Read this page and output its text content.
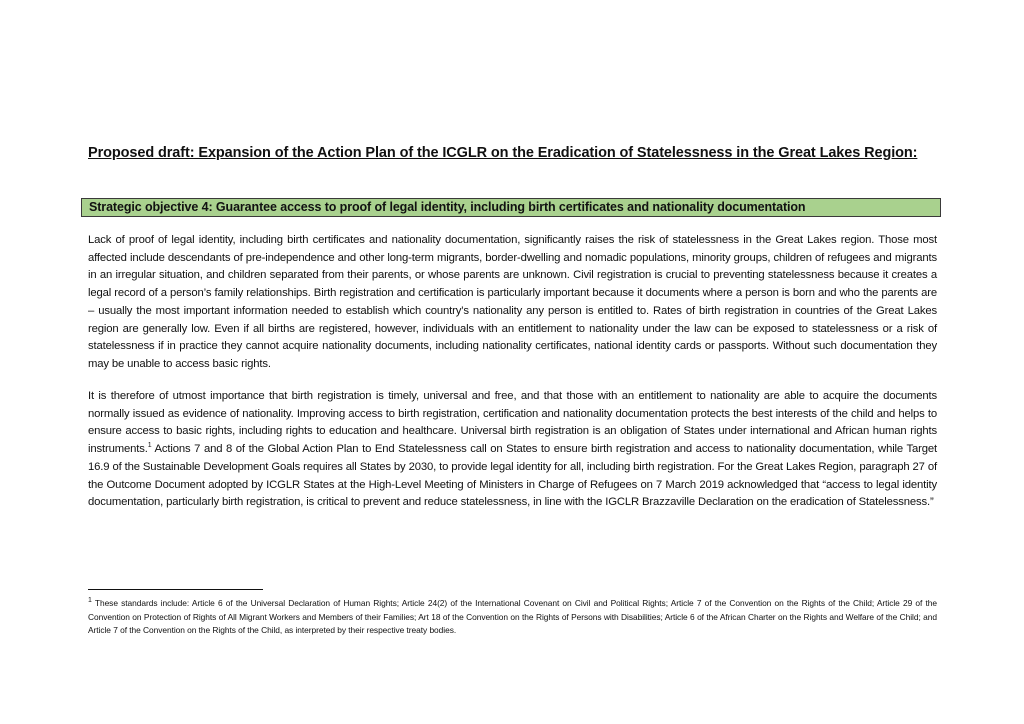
Proposed draft: Expansion of the Action Plan of the ICGLR on the Eradication of Statelessness in the Great Lakes Region:
Strategic objective 4: Guarantee access to proof of legal identity, including birth certificates and nationality documentation

Lack of proof of legal identity, including birth certificates and nationality documentation, significantly raises the risk of statelessness in the Great Lakes region. Those most affected include descendants of pre-independence and other long-term migrants, border-dwelling and nomadic populations, minority groups, children of refugees and migrants in an irregular situation, and children separated from their parents, or whose parents are unknown. Civil registration is crucial to preventing statelessness because it creates a legal record of a person’s family relationships. Birth registration and certification is particularly important because it documents where a person is born and who the parents are – usually the most important information needed to establish which country’s nationality any person is entitled to. Rates of birth registration in countries of the Great Lakes region are generally low. Even if all births are registered, however, individuals with an entitlement to nationality under the law can be exposed to statelessness or a risk of statelessness if in practice they cannot acquire nationality documents, including nationality certificates, national identity cards or passports. Without such documentation they may be unable to access basic rights.

It is therefore of utmost importance that birth registration is timely, universal and free, and that those with an entitlement to nationality are able to acquire the documents normally issued as evidence of nationality. Improving access to birth registration, certification and nationality documentation protects the best interests of the child and helps to ensure access to basic rights, including rights to education and healthcare. Universal birth registration is an obligation of States under international and African human rights instruments.$^1$ Actions 7 and 8 of the Global Action Plan to End Statelessness call on States to ensure birth registration and access to nationality documentation, while Target 16.9 of the Sustainable Development Goals requires all States by 2030, to provide legal identity for all, including birth registration. For the Great Lakes Region, paragraph 27 of the Outcome Document adopted by ICGLR States at the High-Level Meeting of Ministers in Charge of Refugees on 7 March 2019 acknowledged that “access to legal identity documentation, particularly birth registration, is critical to prevent and reduce statelessness, in line with the IGCLR Brazzaville Declaration on the eradication of Statelessness.”

$^1$ These standards include: Article 6 of the Universal Declaration of Human Rights; Article 24(2) of the International Covenant on Civil and Political Rights; Article 7 of the Convention on the Rights of the Child; Article 29 of the Convention on Protection of Rights of All Migrant Workers and Members of their Families; Art 18 of the Convention on the Rights of Persons with Disabilities; Article 6 of the African Charter on the Rights and Welfare of the Child; and Article 7 of the Convention on the Rights of the Child, as interpreted by their respective treaty bodies.
